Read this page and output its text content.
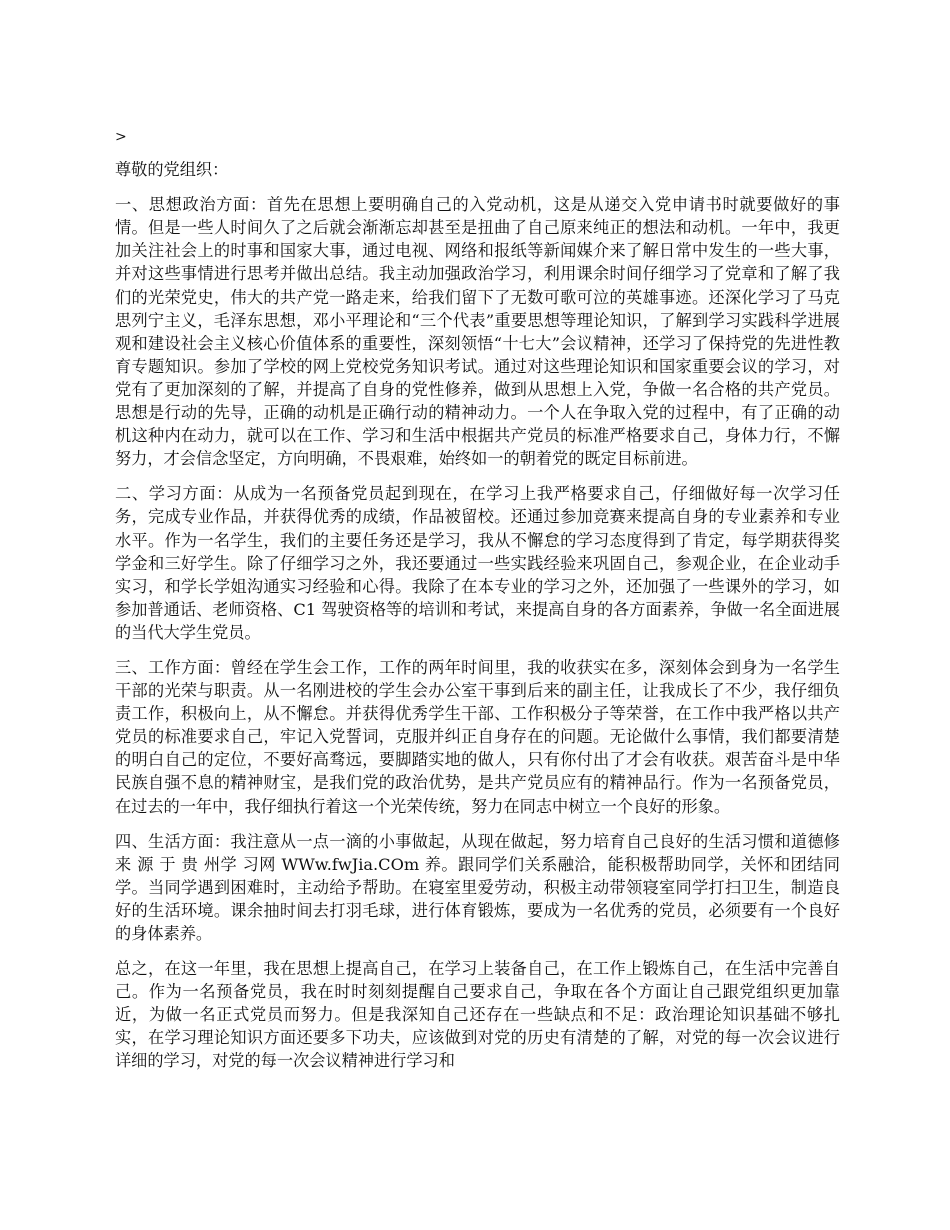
>

尊敬的党组织：

一、思想政治方面：首先在思想上要明确自己的入党动机，这是从递交入党申请书时就要做好的事情。但是一些人时间久了之后就会渐渐忘却甚至是扭曲了自己原来纯正的想法和动机。一年中，我更加关注社会上的时事和国家大事，通过电视、网络和报纸等新闻媒介来了解日常中发生的一些大事，并对这些事情进行思考并做出总结。我主动加强政治学习，利用课余时间仔细学习了党章和了解了我们的光荣党史，伟大的共产党一路走来，给我们留下了无数可歌可泣的英雄事迹。还深化学习了马克思列宁主义，毛泽东思想，邓小平理论和“三个代表”重要思想等理论知识，了解到学习实践科学进展观和建设社会主义核心价值体系的重要性，深刻领悟“十七大”会议精神，还学习了保持党的先进性教育专题知识。参加了学校的网上党校党务知识考试。通过对这些理论知识和国家重要会议的学习，对党有了更加深刻的了解，并提高了自身的党性修养，做到从思想上入党，争做一名合格的共产党员。思想是行动的先导，正确的动机是正确行动的精神动力。一个人在争取入党的过程中，有了正确的动机这种内在动力，就可以在工作、学习和生活中根据共产党员的标准严格要求自己，身体力行，不懈努力，才会信念坚定，方向明确，不畏艰难，始终如一的朝着党的既定目标前进。

二、学习方面：从成为一名预备党员起到现在，在学习上我严格要求自己，仔细做好每一次学习任务，完成专业作品，并获得优秀的成绩，作品被留校。还通过参加竞赛来提高自身的专业素养和专业水平。作为一名学生，我们的主要任务还是学习，我从不懈怠的学习态度得到了肯定，每学期获得奖学金和三好学生。除了仔细学习之外，我还要通过一些实践经验来巩固自己，参观企业，在企业动手实习，和学长学姐沟通实习经验和心得。我除了在本专业的学习之外，还加强了一些课外的学习，如参加普通话、老师资格、C1 驾驶资格等的培训和考试，来提高自身的各方面素养，争做一名全面进展的当代大学生党员。

三、工作方面：曾经在学生会工作，工作的两年时间里，我的收获实在多，深刻体会到身为一名学生干部的光荣与职责。从一名刚进校的学生会办公室干事到后来的副主任，让我成长了不少，我仔细负责工作，积极向上，从不懈怠。并获得优秀学生干部、工作积极分子等荣誉，在工作中我严格以共产党员的标准要求自己，牢记入党誓词，克服并纠正自身存在的问题。无论做什么事情，我们都要清楚的明白自己的定位，不要好高骛远，要脚踏实地的做人，只有你付出了才会有收获。艰苦奋斗是中华民族自强不息的精神财宝，是我们党的政治优势，是共产党员应有的精神品行。作为一名预备党员，在过去的一年中，我仔细执行着这一个光荣传统，努力在同志中树立一个良好的形象。

四、生活方面：我注意从一点一滴的小事做起，从现在做起，努力培育自己良好的生活习惯和道德修来 源 于 贵 州学 习网 WWw.fwJia.COm 养。跟同学们关系融洽，能积极帮助同学，关怀和团结同学。当同学遇到困难时，主动给予帮助。在寝室里爱劳动，积极主动带领寝室同学打扫卫生，制造良好的生活环境。课余抽时间去打羽毛球，进行体育锻炼，要成为一名优秀的党员，必须要有一个良好的身体素养。

总之，在这一年里，我在思想上提高自己，在学习上装备自己，在工作上锻炼自己，在生活中完善自己。作为一名预备党员，我在时时刻刻提醒自己要求自己，争取在各个方面让自己跟党组织更加靠近，为做一名正式党员而努力。但是我深知自己还存在一些缺点和不足：政治理论知识基础不够扎实，在学习理论知识方面还要多下功夫，应该做到对党的历史有清楚的了解，对党的每一次会议进行详细的学习，对党的每一次会议精神进行学习和
